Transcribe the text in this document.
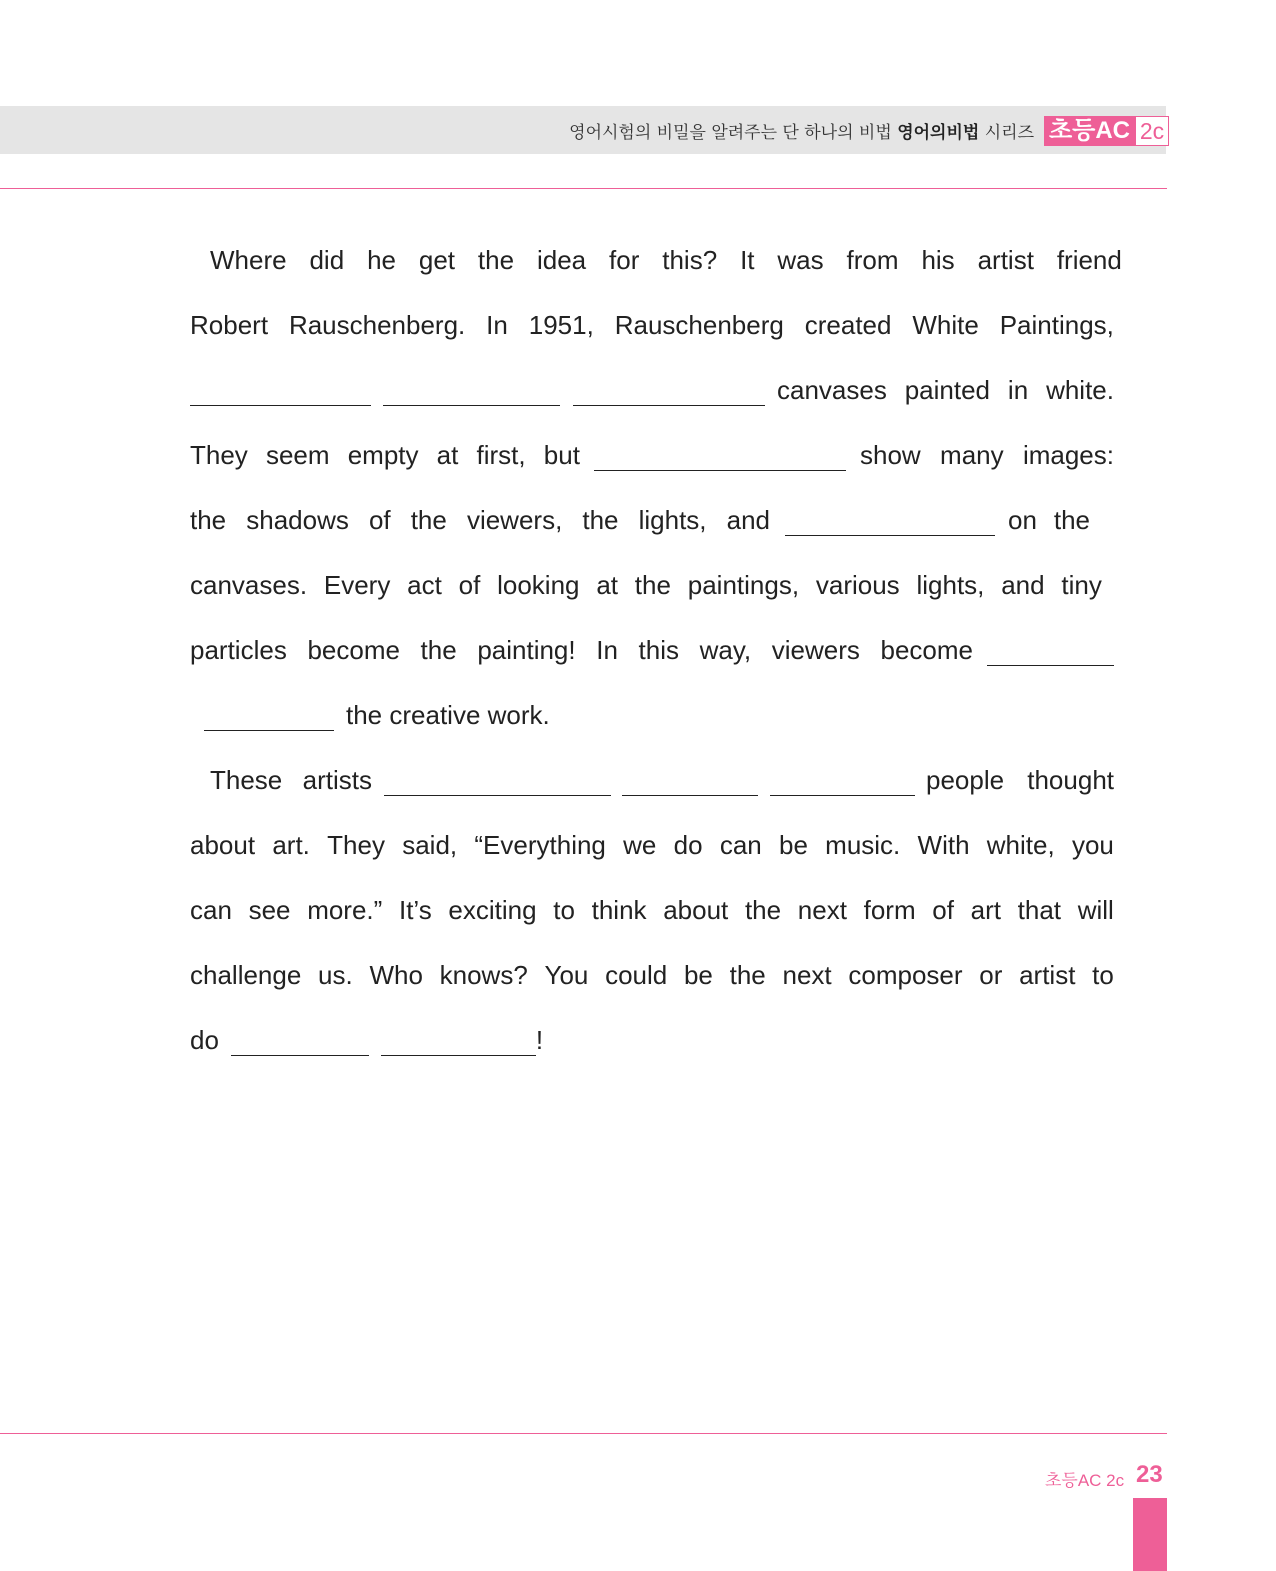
영어시험의 비밀을 알려주는 단 하나의 비법 영어의비법 시리즈 초등AC 2c
Where did he get the idea for this? It was from his artist friend
Robert Rauschenberg. In 1951, Rauschenberg created White Paintings,
canvases painted in white.
They seem empty at first, but	show many images:
the shadows of the viewers, the lights, and	on the
canvases. Every act of looking at the paintings, various lights, and tiny
particles become the painting! In this way, viewers become
the creative work.
These artists	people thought
about art. They said, “Everything we do can be music. With white, you
can see more.” It’s exciting to think about the next form of art that will
challenge us. Who knows? You could be the next composer or artist to
do	!
초등AC 2c 23
